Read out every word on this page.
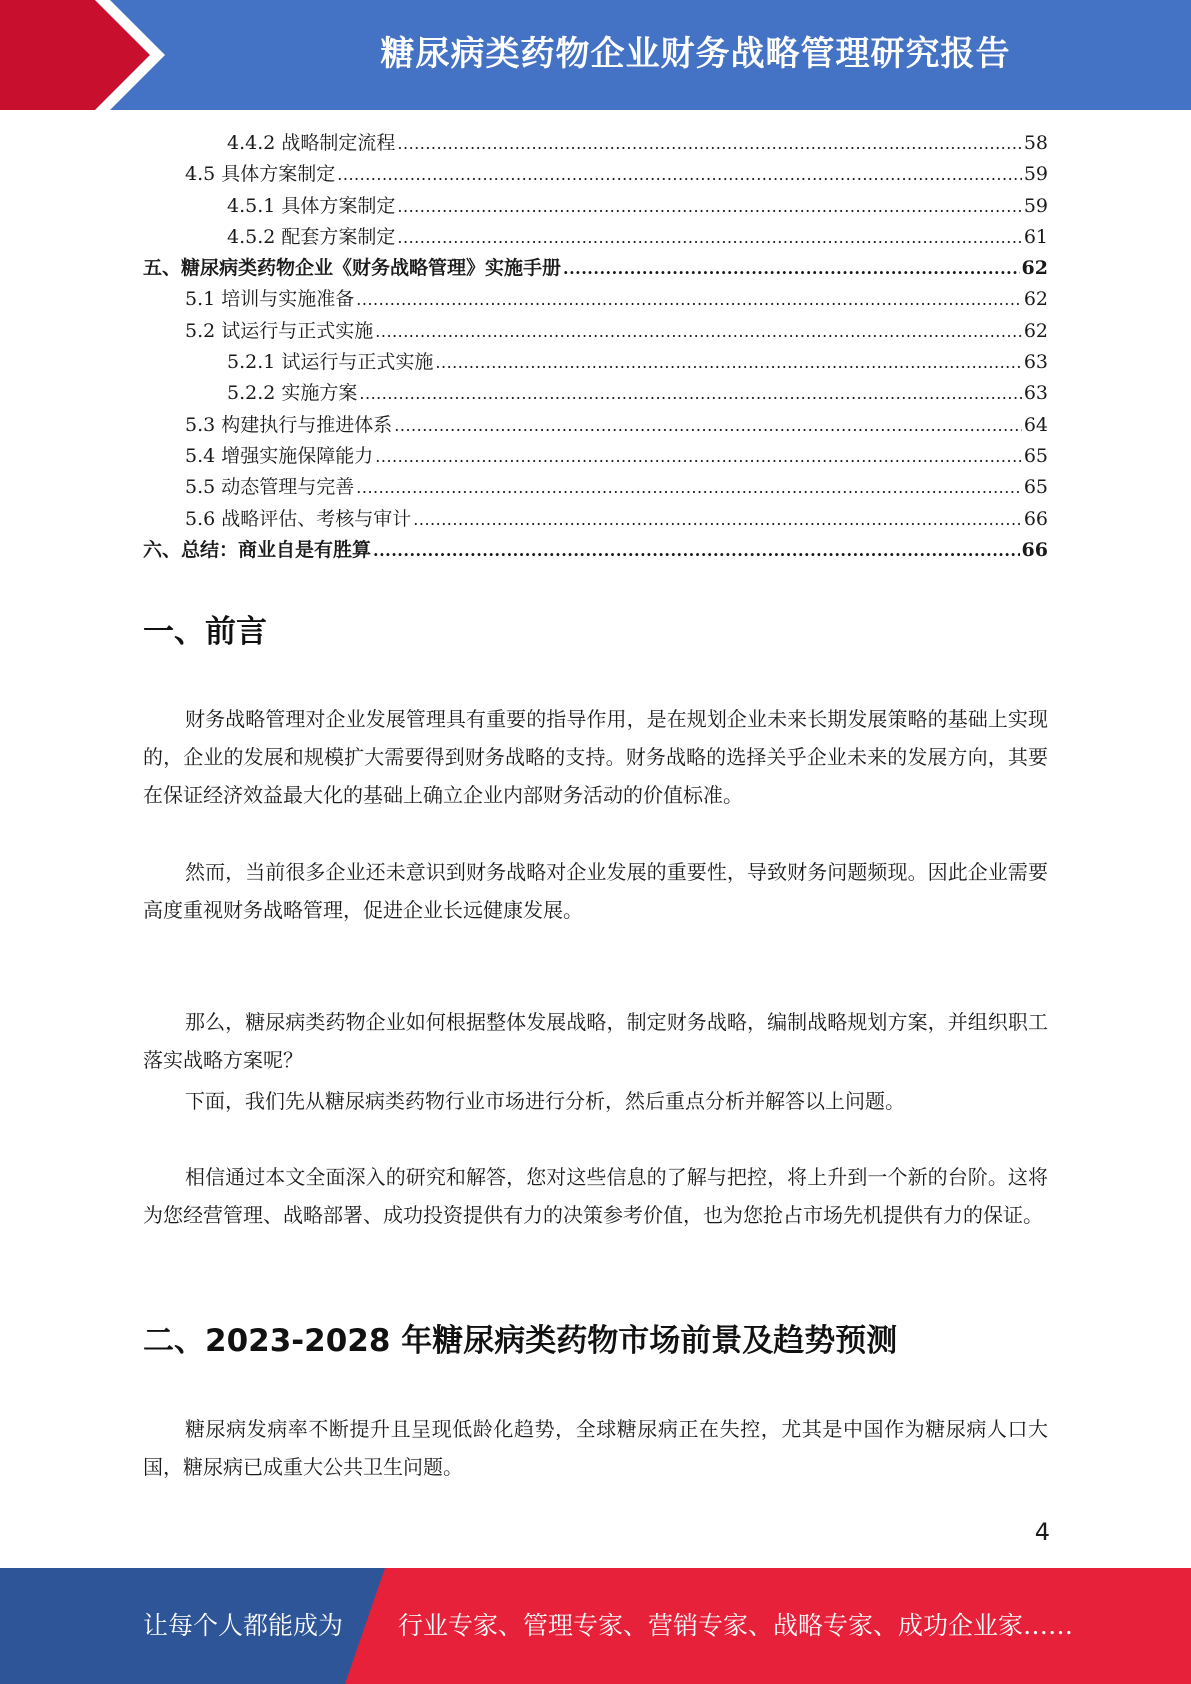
糖尿病类药物企业财务战略管理研究报告
4.4.2 战略制定流程 .....	58
4.5 具体方案制定 .....	59
4.5.1 具体方案制定 .....	59
4.5.2 配套方案制定 .....	61
五、糖尿病类药物企业《财务战略管理》实施手册 .....	62
5.1 培训与实施准备 .....	62
5.2 试运行与正式实施 .....	62
5.2.1 试运行与正式实施 .....	63
5.2.2 实施方案 .....	63
5.3 构建执行与推进体系 .....	64
5.4 增强实施保障能力 .....	65
5.5 动态管理与完善 .....	65
5.6 战略评估、考核与审计 .....	66
六、总结：商业自是有胜算 .....	66
一、前言

财务战略管理对企业发展管理具有重要的指导作用，是在规划企业未来长期发展策略的基础上实现的，企业的发展和规模扩大需要得到财务战略的支持。财务战略的选择关乎企业未来的发展方向，其要在保证经济效益最大化的基础上确立企业内部财务活动的价值标准。

然而，当前很多企业还未意识到财务战略对企业发展的重要性，导致财务问题频现。因此企业需要高度重视财务战略管理，促进企业长远健康发展。

那么，糖尿病类药物企业如何根据整体发展战略，制定财务战略，编制战略规划方案，并组织职工落实战略方案呢？

下面，我们先从糖尿病类药物行业市场进行分析，然后重点分析并解答以上问题。

相信通过本文全面深入的研究和解答，您对这些信息的了解与把控，将上升到一个新的台阶。这将为您经营管理、战略部署、成功投资提供有力的决策参考价值，也为您抢占市场先机提供有力的保证。

二、2023-2028 年糖尿病类药物市场前景及趋势预测

糖尿病发病率不断提升且呈现低龄化趋势，全球糖尿病正在失控，尤其是中国作为糖尿病人口大国，糖尿病已成重大公共卫生问题。

4
让每个人都能成为 行业专家、管理专家、营销专家、战略专家、成功企业家……
